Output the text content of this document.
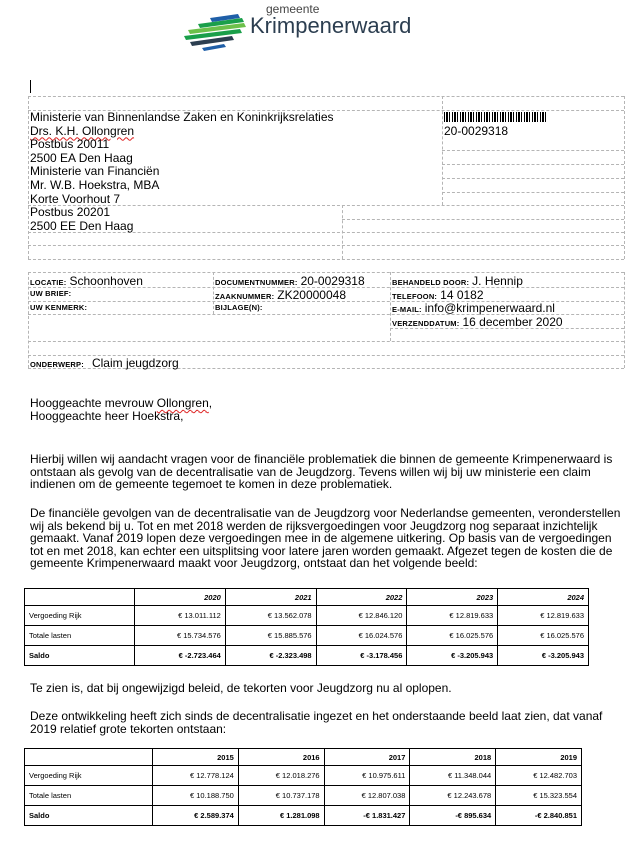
gemeente
Krimpenerwaard
Ministerie van Binnenlandse Zaken en Koninkrijksrelaties
Drs. K.H. Ollongren
Postbus 20011
2500 EA Den Haag
Ministerie van Financiën
Mr. W.B. Hoekstra, MBA
Korte Voorhout 7
Postbus 20201
2500 EE Den Haag
20-0029318
LOCATIE: Schoonhoven	DOCUMENTNUMMER: 20-0029318	BEHANDELD DOOR: J. Hennip
UW BRIEF:	ZAAKNUMMER: ZK20000048	TELEFOON: 14 0182
UW KENMERK:	BIJLAGE(N):	E-MAIL: info@krimpenerwaard.nl
VERZENDDATUM: 16 december 2020
ONDERWERP: Claim jeugdzorg
Hooggeachte mevrouw Ollongren,
Hooggeachte heer Hoekstra,
Hierbij willen wij aandacht vragen voor de financiële problematiek die binnen de gemeente Krimpenerwaard is ontstaan als gevolg van de decentralisatie van de Jeugdzorg. Tevens willen wij bij uw ministerie een claim indienen om de gemeente tegemoet te komen in deze problematiek.
De financiële gevolgen van de decentralisatie van de Jeugdzorg voor Nederlandse gemeenten, veronderstellen wij als bekend bij u. Tot en met 2018 werden de rijksvergoedingen voor Jeugdzorg nog separaat inzichtelijk gemaakt. Vanaf 2019 lopen deze vergoedingen mee in de algemene uitkering. Op basis van de vergoedingen tot en met 2018, kan echter een uitsplitsing voor latere jaren worden gemaakt. Afgezet tegen de kosten die de gemeente Krimpenerwaard maakt voor Jeugdzorg, ontstaat dan het volgende beeld:
	2020	2021	2022	2023	2024
Vergoeding Rijk	€ 13.011.112	€ 13.562.078	€ 12.846.120	€ 12.819.633	€ 12.819.633
Totale lasten	€ 15.734.576	€ 15.885.576	€ 16.024.576	€ 16.025.576	€ 16.025.576
Saldo	€ -2.723.464	€ -2.323.498	€ -3.178.456	€ -3.205.943	€ -3.205.943
Te zien is, dat bij ongewijzigd beleid, de tekorten voor Jeugdzorg nu al oplopen.
Deze ontwikkeling heeft zich sinds de decentralisatie ingezet en het onderstaande beeld laat zien, dat vanaf 2019 relatief grote tekorten ontstaan:
	2015	2016	2017	2018	2019
Vergoeding Rijk	€ 12.778.124	€ 12.018.276	€ 10.975.611	€ 11.348.044	€ 12.482.703
Totale lasten	€ 10.188.750	€ 10.737.178	€ 12.807.038	€ 12.243.678	€ 15.323.554
Saldo	€ 2.589.374	€ 1.281.098	-€ 1.831.427	-€ 895.634	-€ 2.840.851
